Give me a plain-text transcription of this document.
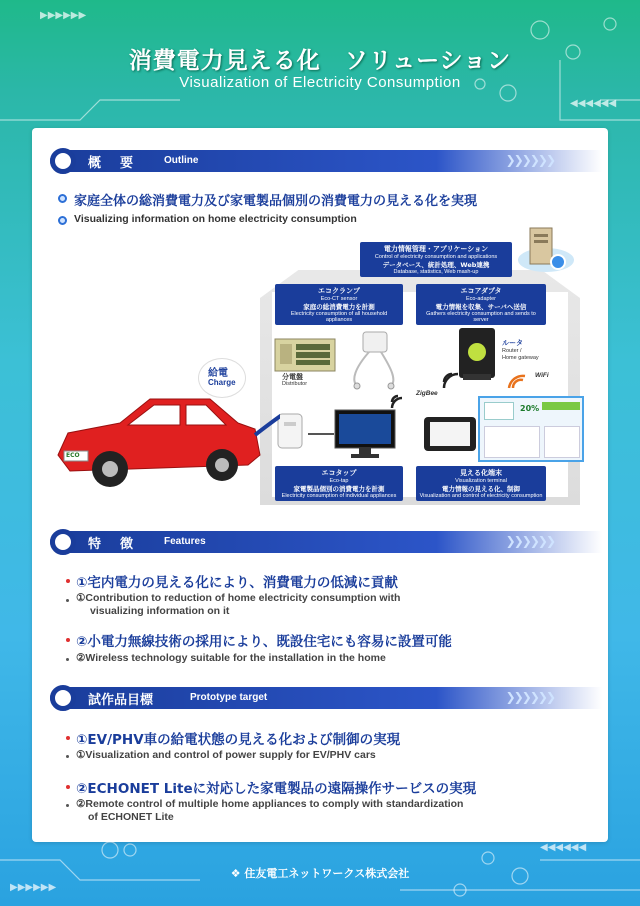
▶▶▶▶▶▶
◀◀◀◀◀◀
▶▶▶▶▶▶
◀◀◀◀◀◀
消費電力見える化　ソリューション
Visualization of Electricity Consumption
概　要	Outline	❯❯❯❯❯❯
家庭全体の総消費電力及び家電製品個別の消費電力の見える化を実現
Visualizing information on home electricity consumption
特　徴	Features	❯❯❯❯❯❯
①宅内電力の見える化により、消費電力の低減に貢献
①Contribution to reduction of home electricity consumption with
visualizing information on it
②小電力無線技術の採用により、既設住宅にも容易に設置可能
②Wireless technology suitable for the installation in the home
試作品目標	Prototype target	❯❯❯❯❯❯
①EV/PHV車の給電状態の見える化および制御の実現
①Visualization and control of power supply for EV/PHV cars
②ECHONET Liteに対応した家電製品の遠隔操作サービスの実現
②Remote control of multiple home appliances to comply with standardization
of ECHONET Lite
電力情報管理・アプリケーション
Control of electricity consumption and applications
データベース、統計処理、Web連携
Database, statistics, Web mash-up
エコクランプ
Eco-CT sensor
家庭の総消費電力を計測
Electricity consumption of all household appliances
エコアダプタ
Eco-adapter
電力情報を収集、サーバへ送信
Gathers electricity consumption and sends to server
分電盤
Distributor
ZigBee
WiFi
ルータ
Router /
Home gateway
20%
エコタップ
Eco-tap
家電製品個別の消費電力を計測
Electricity consumption of individual appliances
見える化端末
Visualization terminal
電力情報の見える化、制御
Visualization and control of electricity consumption
給電
Charge
ECO
❖ 住友電工ネットワークス株式会社
